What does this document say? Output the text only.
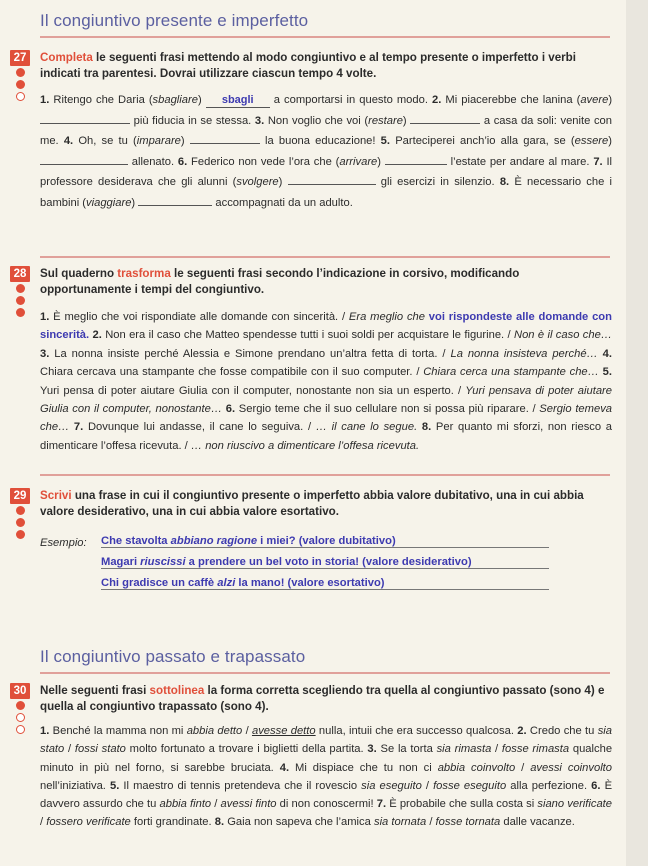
Il congiuntivo presente e imperfetto
27	Completa le seguenti frasi mettendo al modo congiuntivo e al tempo presente o imperfetto i verbi indicati tra parentesi. Dovrai utilizzare ciascun tempo 4 volte.
1. Ritengo che Daria (sbagliare) sbagli a comportarsi in questo modo. 2. Mi piacerebbe che lanina (avere)  più fiducia in se stessa. 3. Non voglio che voi (restare)	a casa da soli: venite con me. 4. Oh, se tu (imparare)	la buona educazione! 5. Parteciperei anch’io alla gara, se (essere)  allenato. 6. Federico non vede l’ora che (arrivare)	l’estate per andare al mare. 7. Il professore desiderava che gli alunni (svolgere)	gli esercizi in silenzio. 8. È necessario che i bambini (viaggiare)	accompagnati da un adulto.
28	Sul quaderno trasforma le seguenti frasi secondo l’indicazione in corsivo, modificando opportunamente i tempi del congiuntivo.
1. È meglio che voi rispondiate alle domande con sincerità. / Era meglio che voi rispondeste alle domande con sincerità. 2. Non era il caso che Matteo spendesse tutti i suoi soldi per acquistare le figurine. / Non è il caso che… 3. La nonna insiste perché Alessia e Simone prendano un’altra fetta di torta. / La nonna insisteva perché… 4. Chiara cercava una stampante che fosse compatibile con il suo computer. / Chiara cerca una stampante che… 5. Yuri pensa di poter aiutare Giulia con il computer, nonostante non sia un esperto. / Yuri pensava di poter aiutare Giulia con il computer, nonostante… 6. Sergio teme che il suo cellulare non si possa più riparare. / Sergio temeva che… 7. Dovunque lui andasse, il cane lo seguiva. / … il cane lo segue. 8. Per quanto mi sforzi, non riesco a dimenticare l’offesa ricevuta. / … non riuscivo a dimenticare l’offesa ricevuta.
29	Scrivi una frase in cui il congiuntivo presente o imperfetto abbia valore dubitativo, una in cui abbia valore desiderativo, una in cui abbia valore esortativo.
Esempio: Che stavolta abbiano ragione i miei? (valore dubitativo)
Magari riuscissi a prendere un bel voto in storia! (valore desiderativo)
Chi gradisce un caffè alzi la mano! (valore esortativo)
Il congiuntivo passato e trapassato
30	Nelle seguenti frasi sottolinea la forma corretta scegliendo tra quella al congiuntivo passato (sono 4) e quella al congiuntivo trapassato (sono 4).
1. Benché la mamma non mi abbia detto / avesse detto nulla, intuii che era successo qualcosa. 2. Credo che tu sia stato / fossi stato molto fortunato a trovare i biglietti della partita. 3. Se la torta sia rimasta / fosse rimasta qualche minuto in più nel forno, si sarebbe bruciata. 4. Mi dispiace che tu non ci abbia coinvolto / avessi coinvolto nell’iniziativa. 5. Il maestro di tennis pretendeva che il rovescio sia eseguito / fosse eseguito alla perfezione. 6. È davvero assurdo che tu abbia finto / avessi finto di non conoscermi! 7. È probabile che sulla costa si siano verificate / fossero verificate forti grandinate. 8. Gaia non sapeva che l’amica sia tornata / fosse tornata dalle vacanze.
